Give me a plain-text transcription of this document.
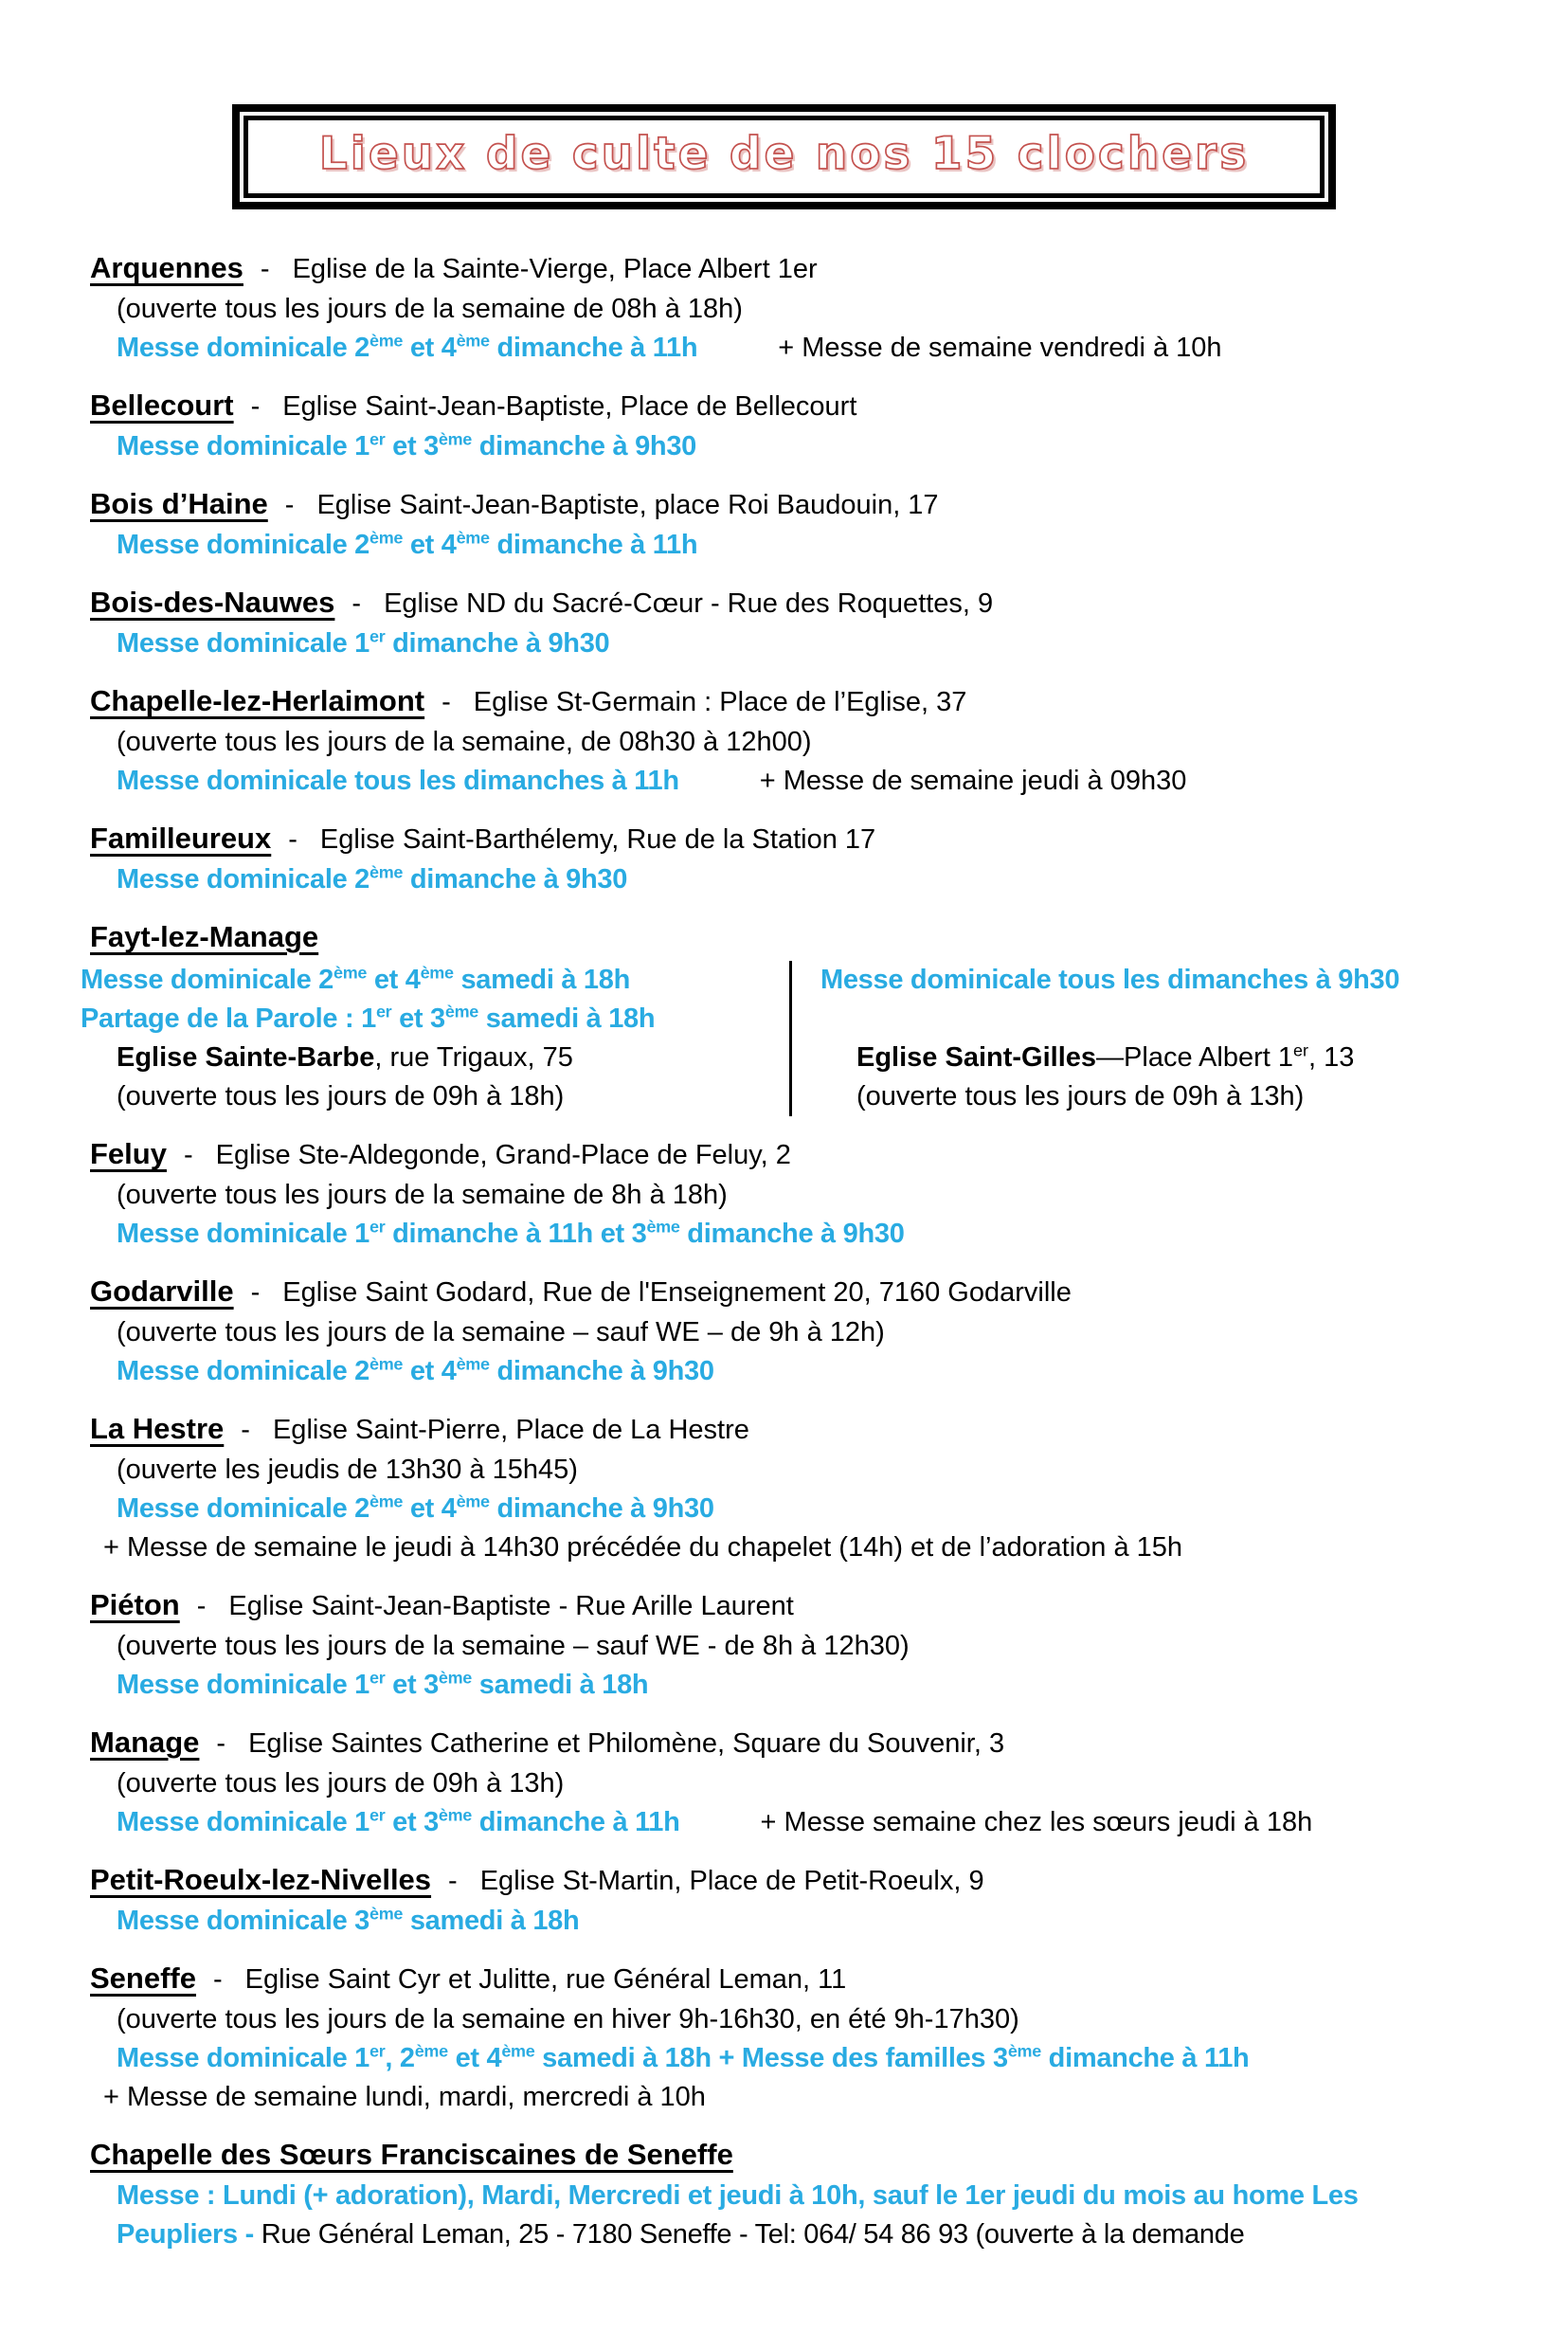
Lieux de culte de nos 15 clochers
Arquennes - Eglise de la Sainte-Vierge, Place Albert 1er
(ouverte tous les jours de la semaine de 08h à 18h)
Messe dominicale 2ème et 4ème dimanche à 11h	+ Messe de semaine vendredi à 10h
Bellecourt - Eglise Saint-Jean-Baptiste, Place de Bellecourt
Messe dominicale 1er et 3ème dimanche à 9h30
Bois d’Haine - Eglise Saint-Jean-Baptiste, place Roi Baudouin, 17
Messe dominicale 2ème et 4ème dimanche à 11h
Bois-des-Nauwes - Eglise ND du Sacré-Cœur - Rue des Roquettes, 9
Messe dominicale 1er dimanche à 9h30
Chapelle-lez-Herlaimont - Eglise St-Germain : Place de l’Eglise, 37
(ouverte tous les jours de la semaine, de 08h30 à 12h00)
Messe dominicale tous les dimanches à 11h	+ Messe de semaine jeudi à 09h30
Familleureux - Eglise Saint-Barthélemy, Rue de la Station 17
Messe dominicale 2ème dimanche à 9h30
Fayt-lez-Manage
Messe dominicale 2ème et 4ème samedi à 18h
Partage de la Parole : 1er et 3ème samedi à 18h
Eglise Sainte-Barbe, rue Trigaux, 75
(ouverte tous les jours de 09h à 18h)
Messe dominicale tous les dimanches à 9h30
Eglise Saint-Gilles—Place Albert 1er, 13
(ouverte tous les jours de 09h à 13h)
Feluy - Eglise Ste-Aldegonde, Grand-Place de Feluy, 2
(ouverte tous les jours de la semaine de 8h à 18h)
Messe dominicale 1er dimanche à 11h et 3ème dimanche à 9h30
Godarville - Eglise Saint Godard, Rue de l'Enseignement 20, 7160 Godarville
(ouverte tous les jours de la semaine – sauf WE – de 9h à 12h)
Messe dominicale 2ème et 4ème dimanche à 9h30
La Hestre - Eglise Saint-Pierre, Place de La Hestre
(ouverte les jeudis de 13h30 à 15h45)
Messe dominicale 2ème et 4ème dimanche à 9h30
+ Messe de semaine le jeudi à 14h30 précédée du chapelet (14h) et de l’adoration à 15h
Piéton - Eglise Saint-Jean-Baptiste - Rue Arille Laurent
(ouverte tous les jours de la semaine – sauf WE - de 8h à 12h30)
Messe dominicale 1er et 3ème samedi à 18h
Manage - Eglise Saintes Catherine et Philomène, Square du Souvenir, 3
(ouverte tous les jours de 09h à 13h)
Messe dominicale 1er et 3ème dimanche à 11h	+ Messe semaine chez les sœurs jeudi à 18h
Petit-Roeulx-lez-Nivelles - Eglise St-Martin, Place de Petit-Roeulx, 9
Messe dominicale 3ème samedi à 18h
Seneffe - Eglise Saint Cyr et Julitte, rue Général Leman, 11
(ouverte tous les jours de la semaine en hiver 9h-16h30, en été 9h-17h30)
Messe dominicale 1er, 2ème et 4ème samedi à 18h + Messe des familles 3ème dimanche à 11h
+ Messe de semaine lundi, mardi, mercredi à 10h
Chapelle des Sœurs Franciscaines de Seneffe
Messe : Lundi (+ adoration), Mardi, Mercredi et jeudi à 10h, sauf le 1er jeudi du mois au home Les
Peupliers - Rue Général Leman, 25 - 7180 Seneffe - Tel: 064/ 54 86 93 (ouverte à la demande
